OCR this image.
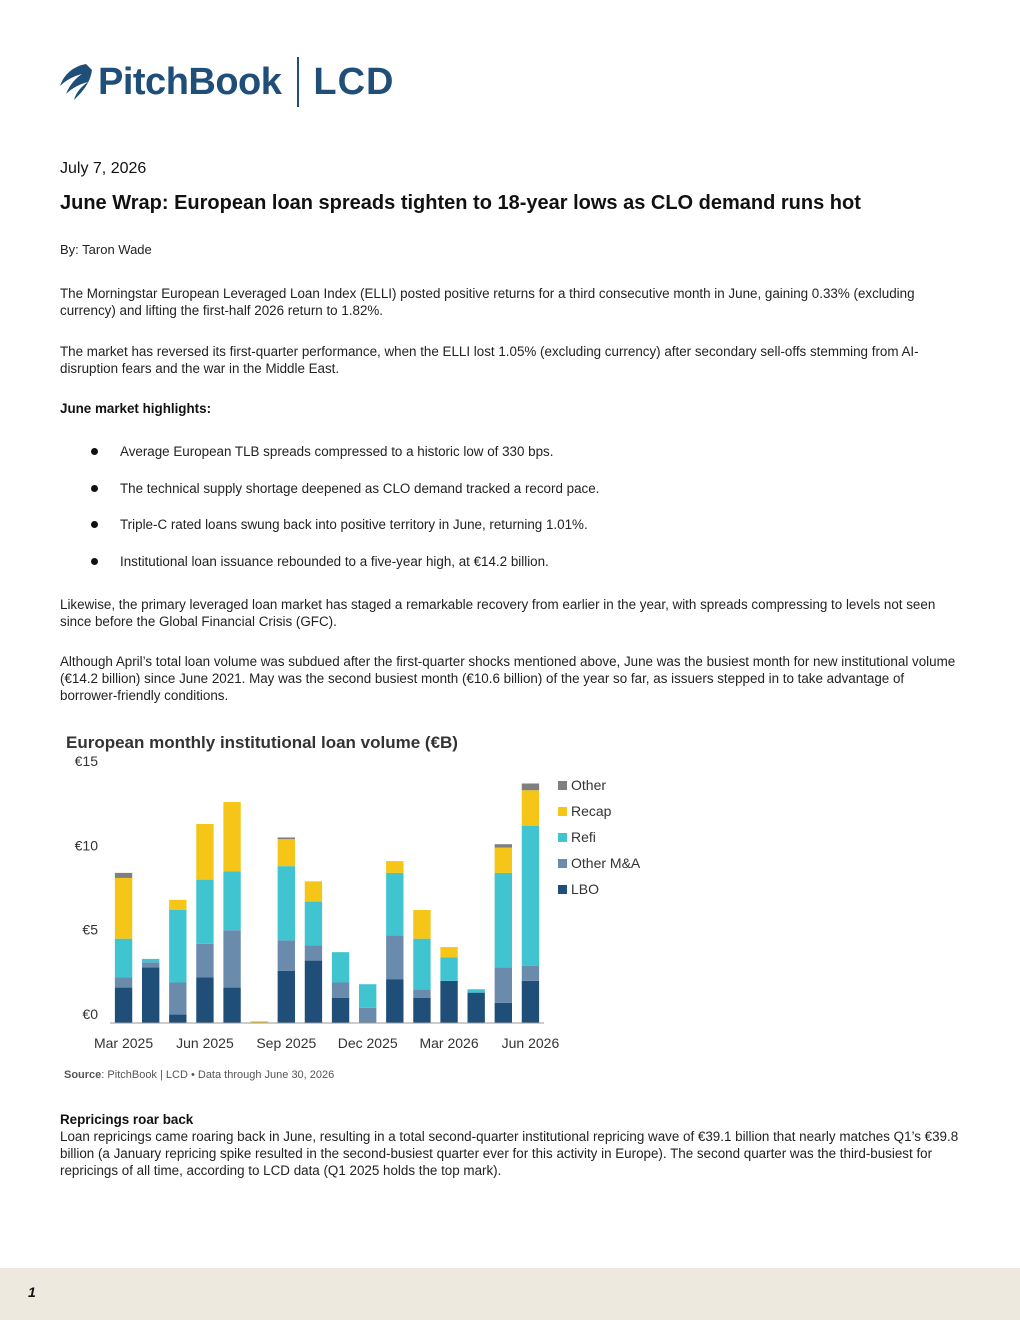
PitchBook LCD
July 7, 2026
June Wrap: European loan spreads tighten to 18-year lows as CLO demand runs hot
By: Taron Wade

The Morningstar European Leveraged Loan Index (ELLI) posted positive returns for a third consecutive month in June, gaining 0.33% (excluding currency) and lifting the first-half 2026 return to 1.82%.

The market has reversed its first-quarter performance, when the ELLI lost 1.05% (excluding currency) after secondary sell-offs stemming from AI-disruption fears and the war in the Middle East.

June market highlights:
Average European TLB spreads compressed to a historic low of 330 bps.
The technical supply shortage deepened as CLO demand tracked a record pace.
Triple-C rated loans swung back into positive territory in June, returning 1.01%.
Institutional loan issuance rebounded to a five-year high, at €14.2 billion.

Likewise, the primary leveraged loan market has staged a remarkable recovery from earlier in the year, with spreads compressing to levels not seen since before the Global Financial Crisis (GFC).

Although April’s total loan volume was subdued after the first-quarter shocks mentioned above, June was the busiest month for new institutional volume (€14.2 billion) since June 2021. May was the second busiest month (€10.6 billion) of the year so far, as issuers stepped in to take advantage of borrower-friendly conditions.

European monthly institutional loan volume (€B)
€0
€5
€10
€15
Mar 2025 Jun 2025 Sep 2025 Dec 2025 Mar 2026 Jun 2026
Other
Recap
Refi
Other M&A
LBO
Source: PitchBook | LCD • Data through June 30, 2026
Repricings roar back

Loan repricings came roaring back in June, resulting in a total second-quarter institutional repricing wave of €39.1 billion that nearly matches Q1’s €39.8 billion (a January repricing spike resulted in the second-busiest quarter ever for this activity in Europe). The second quarter was the third-busiest for repricings of all time, according to LCD data (Q1 2025 holds the top mark).

1
